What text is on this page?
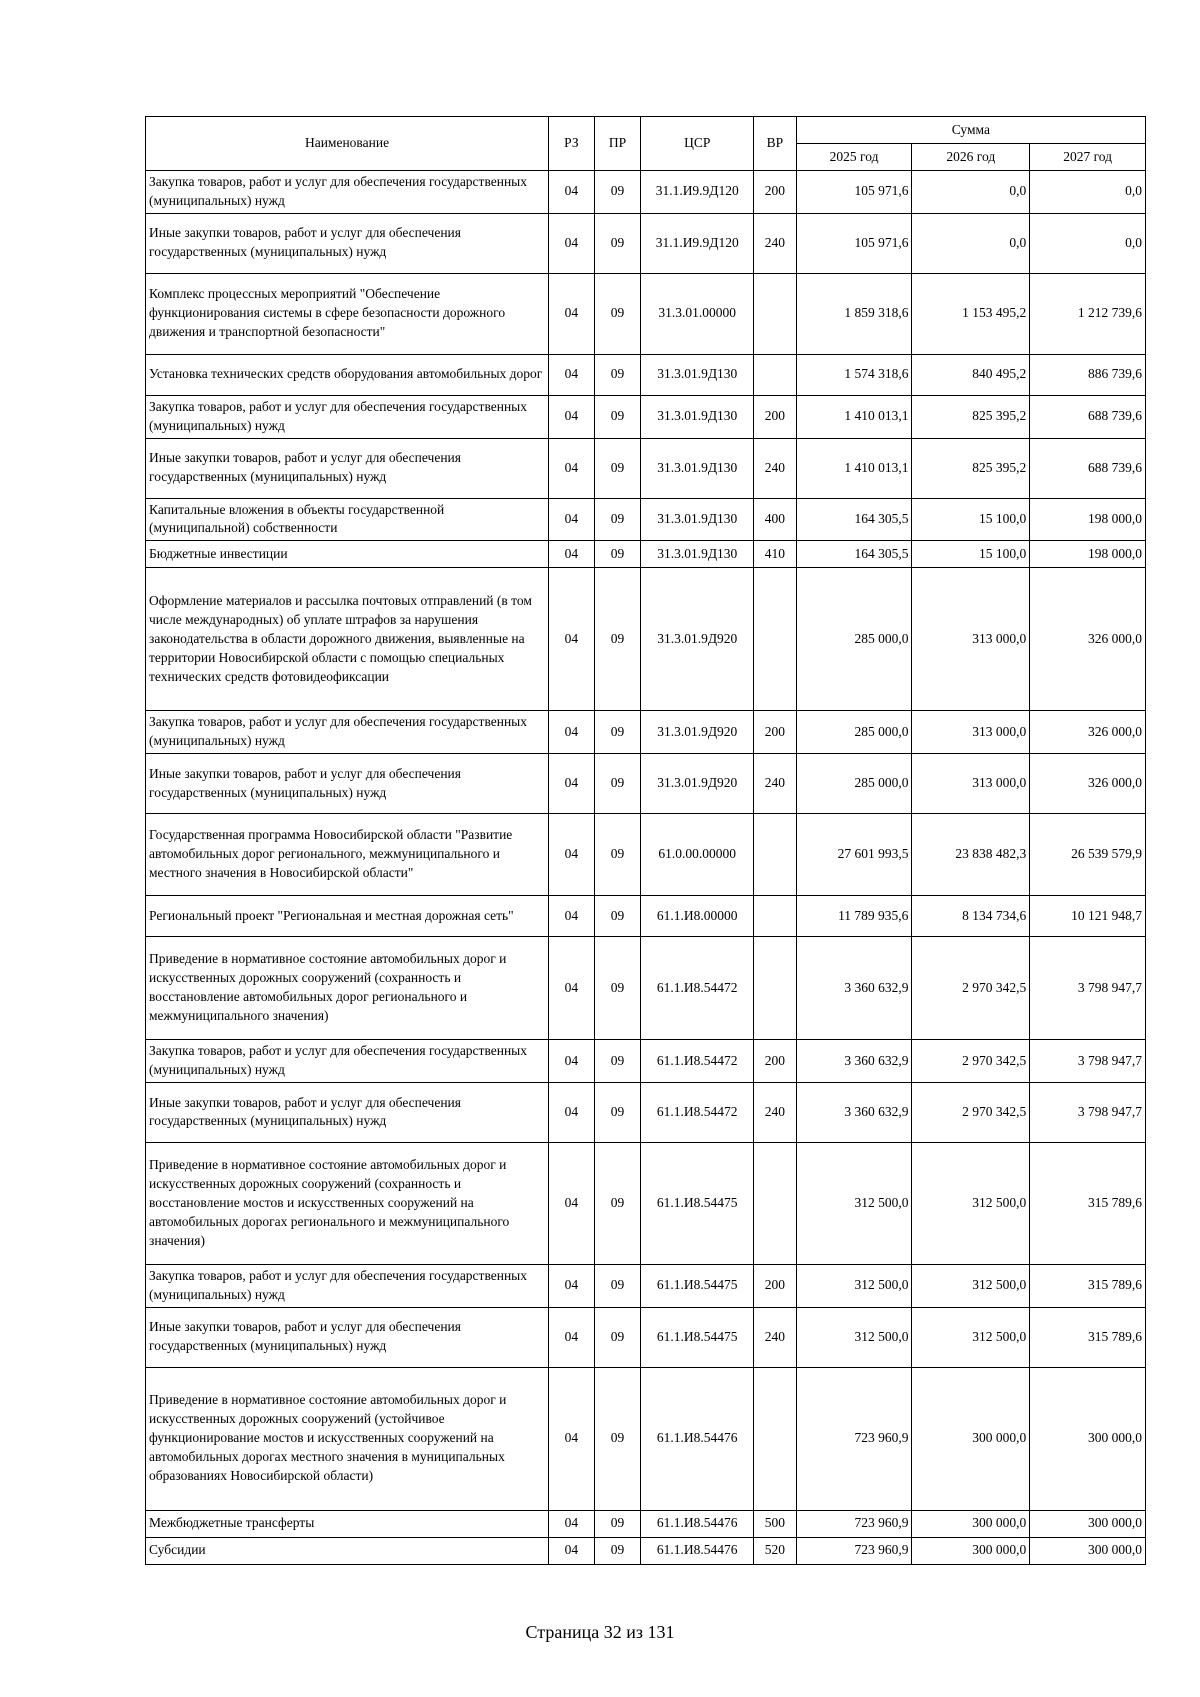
Наименование	РЗ	ПР	ЦСР	ВР	Сумма		
					2025 год	2026 год	2027 год
Закупка товаров, работ и услуг для обеспечения государственных (муниципальных) нужд	04	09	31.1.И9.9Д120	200	105 971,6	0,0	0,0
Иные закупки товаров, работ и услуг для обеспечения государственных (муниципальных) нужд	04	09	31.1.И9.9Д120	240	105 971,6	0,0	0,0
Комплекс процессных мероприятий "Обеспечение функционирования системы в сфере безопасности дорожного движения и транспортной безопасности"	04	09	31.3.01.00000		1 859 318,6	1 153 495,2	1 212 739,6
Установка технических средств оборудования автомобильных дорог	04	09	31.3.01.9Д130		1 574 318,6	840 495,2	886 739,6
Закупка товаров, работ и услуг для обеспечения государственных (муниципальных) нужд	04	09	31.3.01.9Д130	200	1 410 013,1	825 395,2	688 739,6
Иные закупки товаров, работ и услуг для обеспечения государственных (муниципальных) нужд	04	09	31.3.01.9Д130	240	1 410 013,1	825 395,2	688 739,6
Капитальные вложения в объекты государственной (муниципальной) собственности	04	09	31.3.01.9Д130	400	164 305,5	15 100,0	198 000,0
Бюджетные инвестиции	04	09	31.3.01.9Д130	410	164 305,5	15 100,0	198 000,0
Оформление материалов и рассылка почтовых отправлений (в том числе международных) об уплате штрафов за нарушения законодательства в области дорожного движения, выявленные на территории Новосибирской области с помощью специальных технических средств фотовидеофиксации	04	09	31.3.01.9Д920		285 000,0	313 000,0	326 000,0
Закупка товаров, работ и услуг для обеспечения государственных (муниципальных) нужд	04	09	31.3.01.9Д920	200	285 000,0	313 000,0	326 000,0
Иные закупки товаров, работ и услуг для обеспечения государственных (муниципальных) нужд	04	09	31.3.01.9Д920	240	285 000,0	313 000,0	326 000,0
Государственная программа Новосибирской области "Развитие автомобильных дорог регионального, межмуниципального и местного значения в Новосибирской области"	04	09	61.0.00.00000		27 601 993,5	23 838 482,3	26 539 579,9
Региональный проект "Региональная и местная дорожная сеть"	04	09	61.1.И8.00000		11 789 935,6	8 134 734,6	10 121 948,7
Приведение в нормативное состояние автомобильных дорог и искусственных дорожных сооружений (сохранность и восстановление автомобильных дорог регионального и межмуниципального значения)	04	09	61.1.И8.54472		3 360 632,9	2 970 342,5	3 798 947,7
Закупка товаров, работ и услуг для обеспечения государственных (муниципальных) нужд	04	09	61.1.И8.54472	200	3 360 632,9	2 970 342,5	3 798 947,7
Иные закупки товаров, работ и услуг для обеспечения государственных (муниципальных) нужд	04	09	61.1.И8.54472	240	3 360 632,9	2 970 342,5	3 798 947,7
Приведение в нормативное состояние автомобильных дорог и искусственных дорожных сооружений (сохранность и восстановление мостов и искусственных сооружений на автомобильных дорогах регионального и межмуниципального значения)	04	09	61.1.И8.54475		312 500,0	312 500,0	315 789,6
Закупка товаров, работ и услуг для обеспечения государственных (муниципальных) нужд	04	09	61.1.И8.54475	200	312 500,0	312 500,0	315 789,6
Иные закупки товаров, работ и услуг для обеспечения государственных (муниципальных) нужд	04	09	61.1.И8.54475	240	312 500,0	312 500,0	315 789,6
Приведение в нормативное состояние автомобильных дорог и искусственных дорожных сооружений (устойчивое функционирование мостов и искусственных сооружений на автомобильных дорогах местного значения в муниципальных образованиях Новосибирской области)	04	09	61.1.И8.54476		723 960,9	300 000,0	300 000,0
Межбюджетные трансферты	04	09	61.1.И8.54476	500	723 960,9	300 000,0	300 000,0
Субсидии	04	09	61.1.И8.54476	520	723 960,9	300 000,0	300 000,0
Страница 32 из 131
